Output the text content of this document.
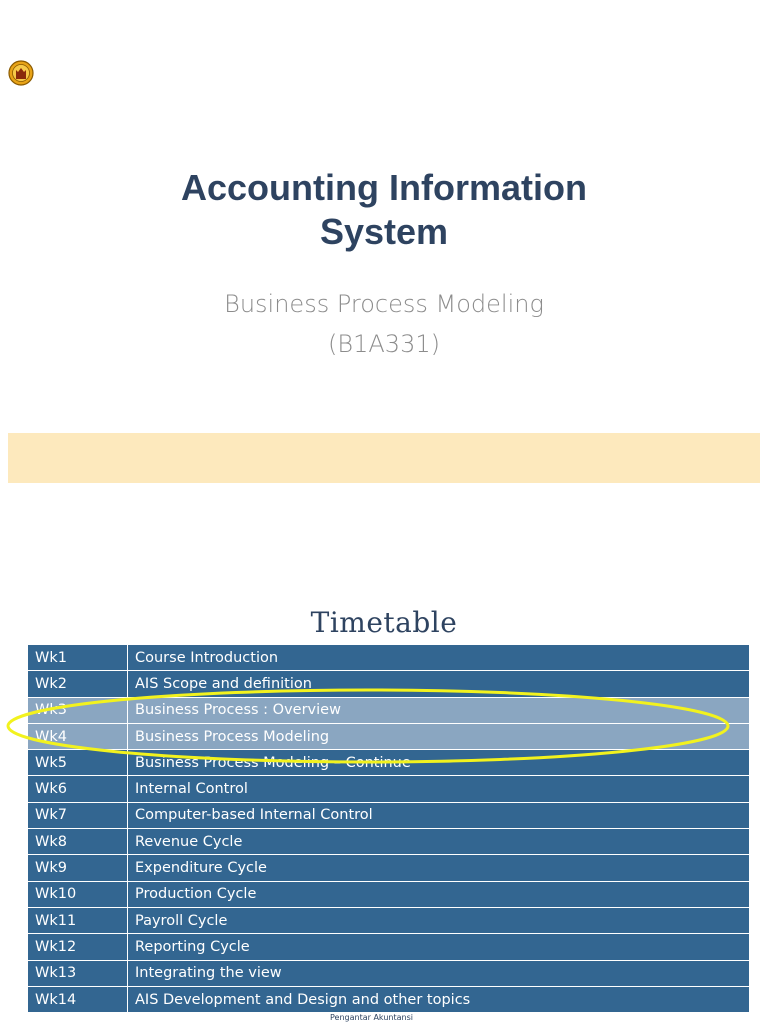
Accounting Information
System
Business Process Modeling
(B1A331)
Timetable
Wk1	Course Introduction
Wk2	AIS Scope and definition
Wk3	Business Process : Overview
Wk4	Business Process Modeling
Wk5	Business Process Modeling – Continue
Wk6	Internal Control
Wk7	Computer-based Internal Control
Wk8	Revenue Cycle
Wk9	Expenditure Cycle
Wk10	Production Cycle
Wk11	Payroll Cycle
Wk12	Reporting Cycle
Wk13	Integrating the view
Wk14	AIS Development and Design and other topics
Pengantar Akuntansi
